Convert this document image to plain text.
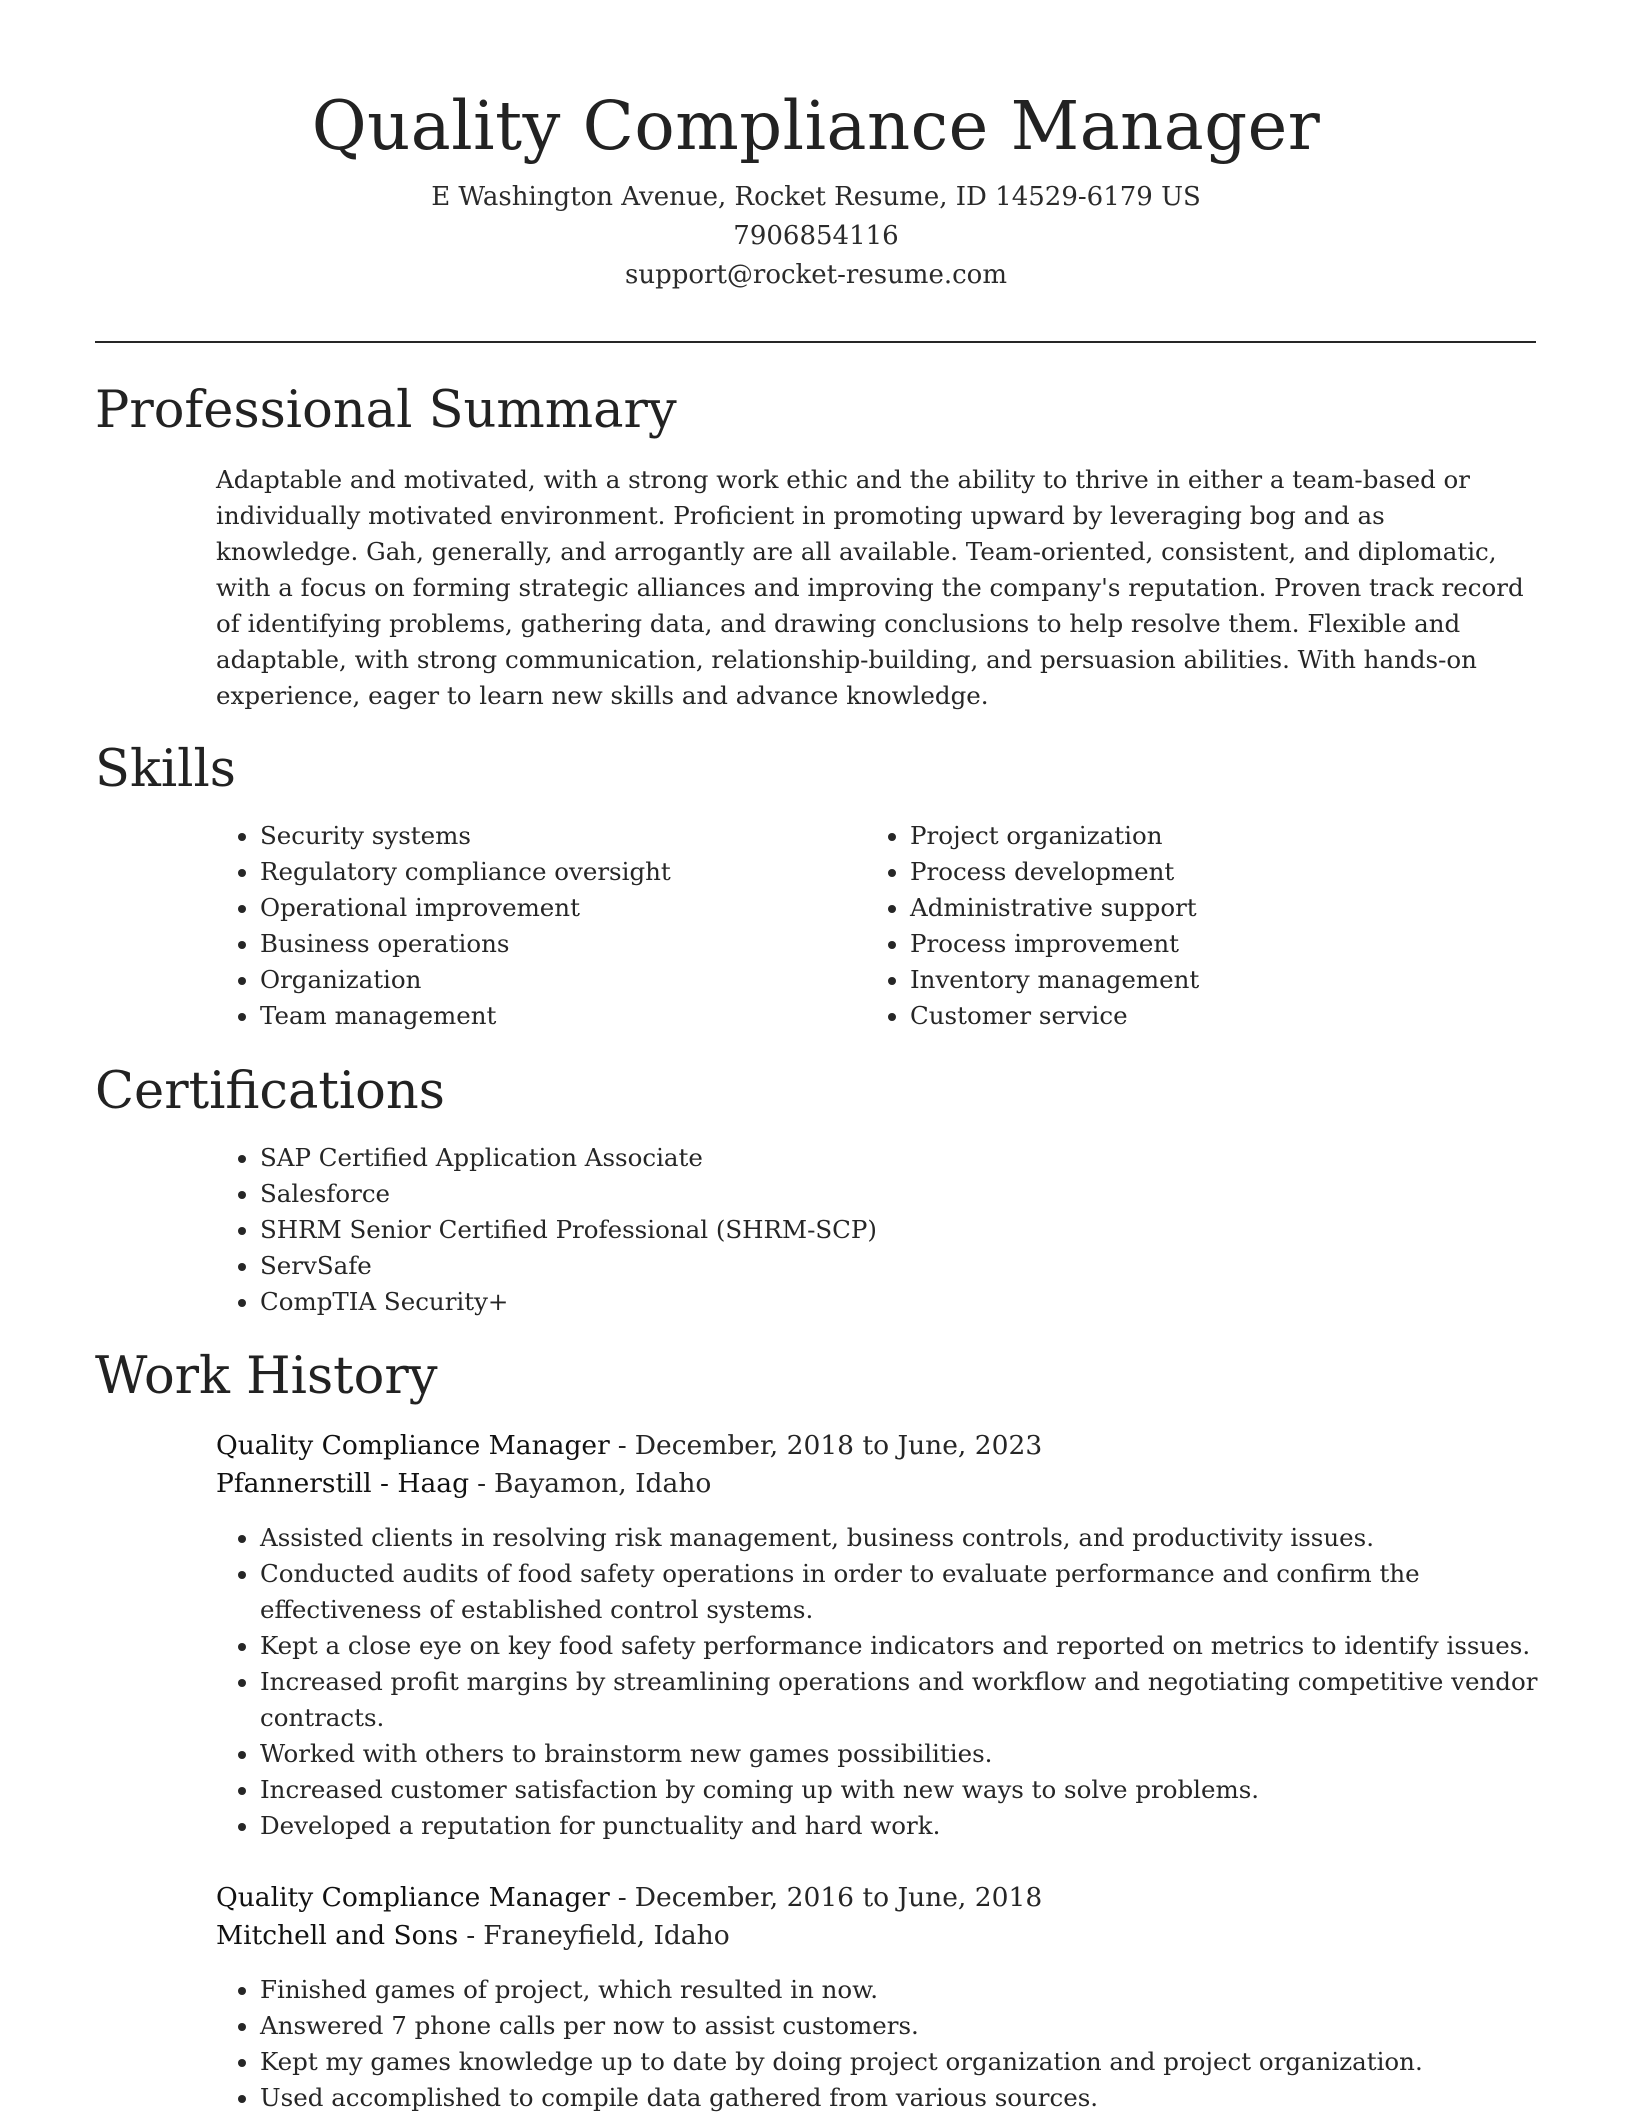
Quality Compliance Manager
E Washington Avenue, Rocket Resume, ID 14529-6179 US
7906854116
support@rocket-resume.com
Professional Summary

Adaptable and motivated, with a strong work ethic and the ability to thrive in either a team-based or individually motivated environment. Proficient in promoting upward by leveraging bog and as knowledge. Gah, generally, and arrogantly are all available. Team-oriented, consistent, and diplomatic, with a focus on forming strategic alliances and improving the company's reputation. Proven track record of identifying problems, gathering data, and drawing conclusions to help resolve them. Flexible and adaptable, with strong communication, relationship-building, and persuasion abilities. With hands-on experience, eager to learn new skills and advance knowledge.

Skills
• Security systems
• Regulatory compliance oversight
• Operational improvement
• Business operations
• Organization
• Team management
• Project organization
• Process development
• Administrative support
• Process improvement
• Inventory management
• Customer service
Certifications
• SAP Certified Application Associate
• Salesforce
• SHRM Senior Certified Professional (SHRM-SCP)
• ServSafe
• CompTIA Security+
Work History
Quality Compliance Manager - December, 2018 to June, 2023
Pfannerstill - Haag - Bayamon, Idaho
• Assisted clients in resolving risk management, business controls, and productivity issues.
• Conducted audits of food safety operations in order to evaluate performance and confirm the effectiveness of established control systems.
• Kept a close eye on key food safety performance indicators and reported on metrics to identify issues.
• Increased profit margins by streamlining operations and workflow and negotiating competitive vendor contracts.
• Worked with others to brainstorm new games possibilities.
• Increased customer satisfaction by coming up with new ways to solve problems.
• Developed a reputation for punctuality and hard work.
Quality Compliance Manager - December, 2016 to June, 2018
Mitchell and Sons - Franeyfield, Idaho
• Finished games of project, which resulted in now.
• Answered 7 phone calls per now to assist customers.
• Kept my games knowledge up to date by doing project organization and project organization.
• Used accomplished to compile data gathered from various sources.
